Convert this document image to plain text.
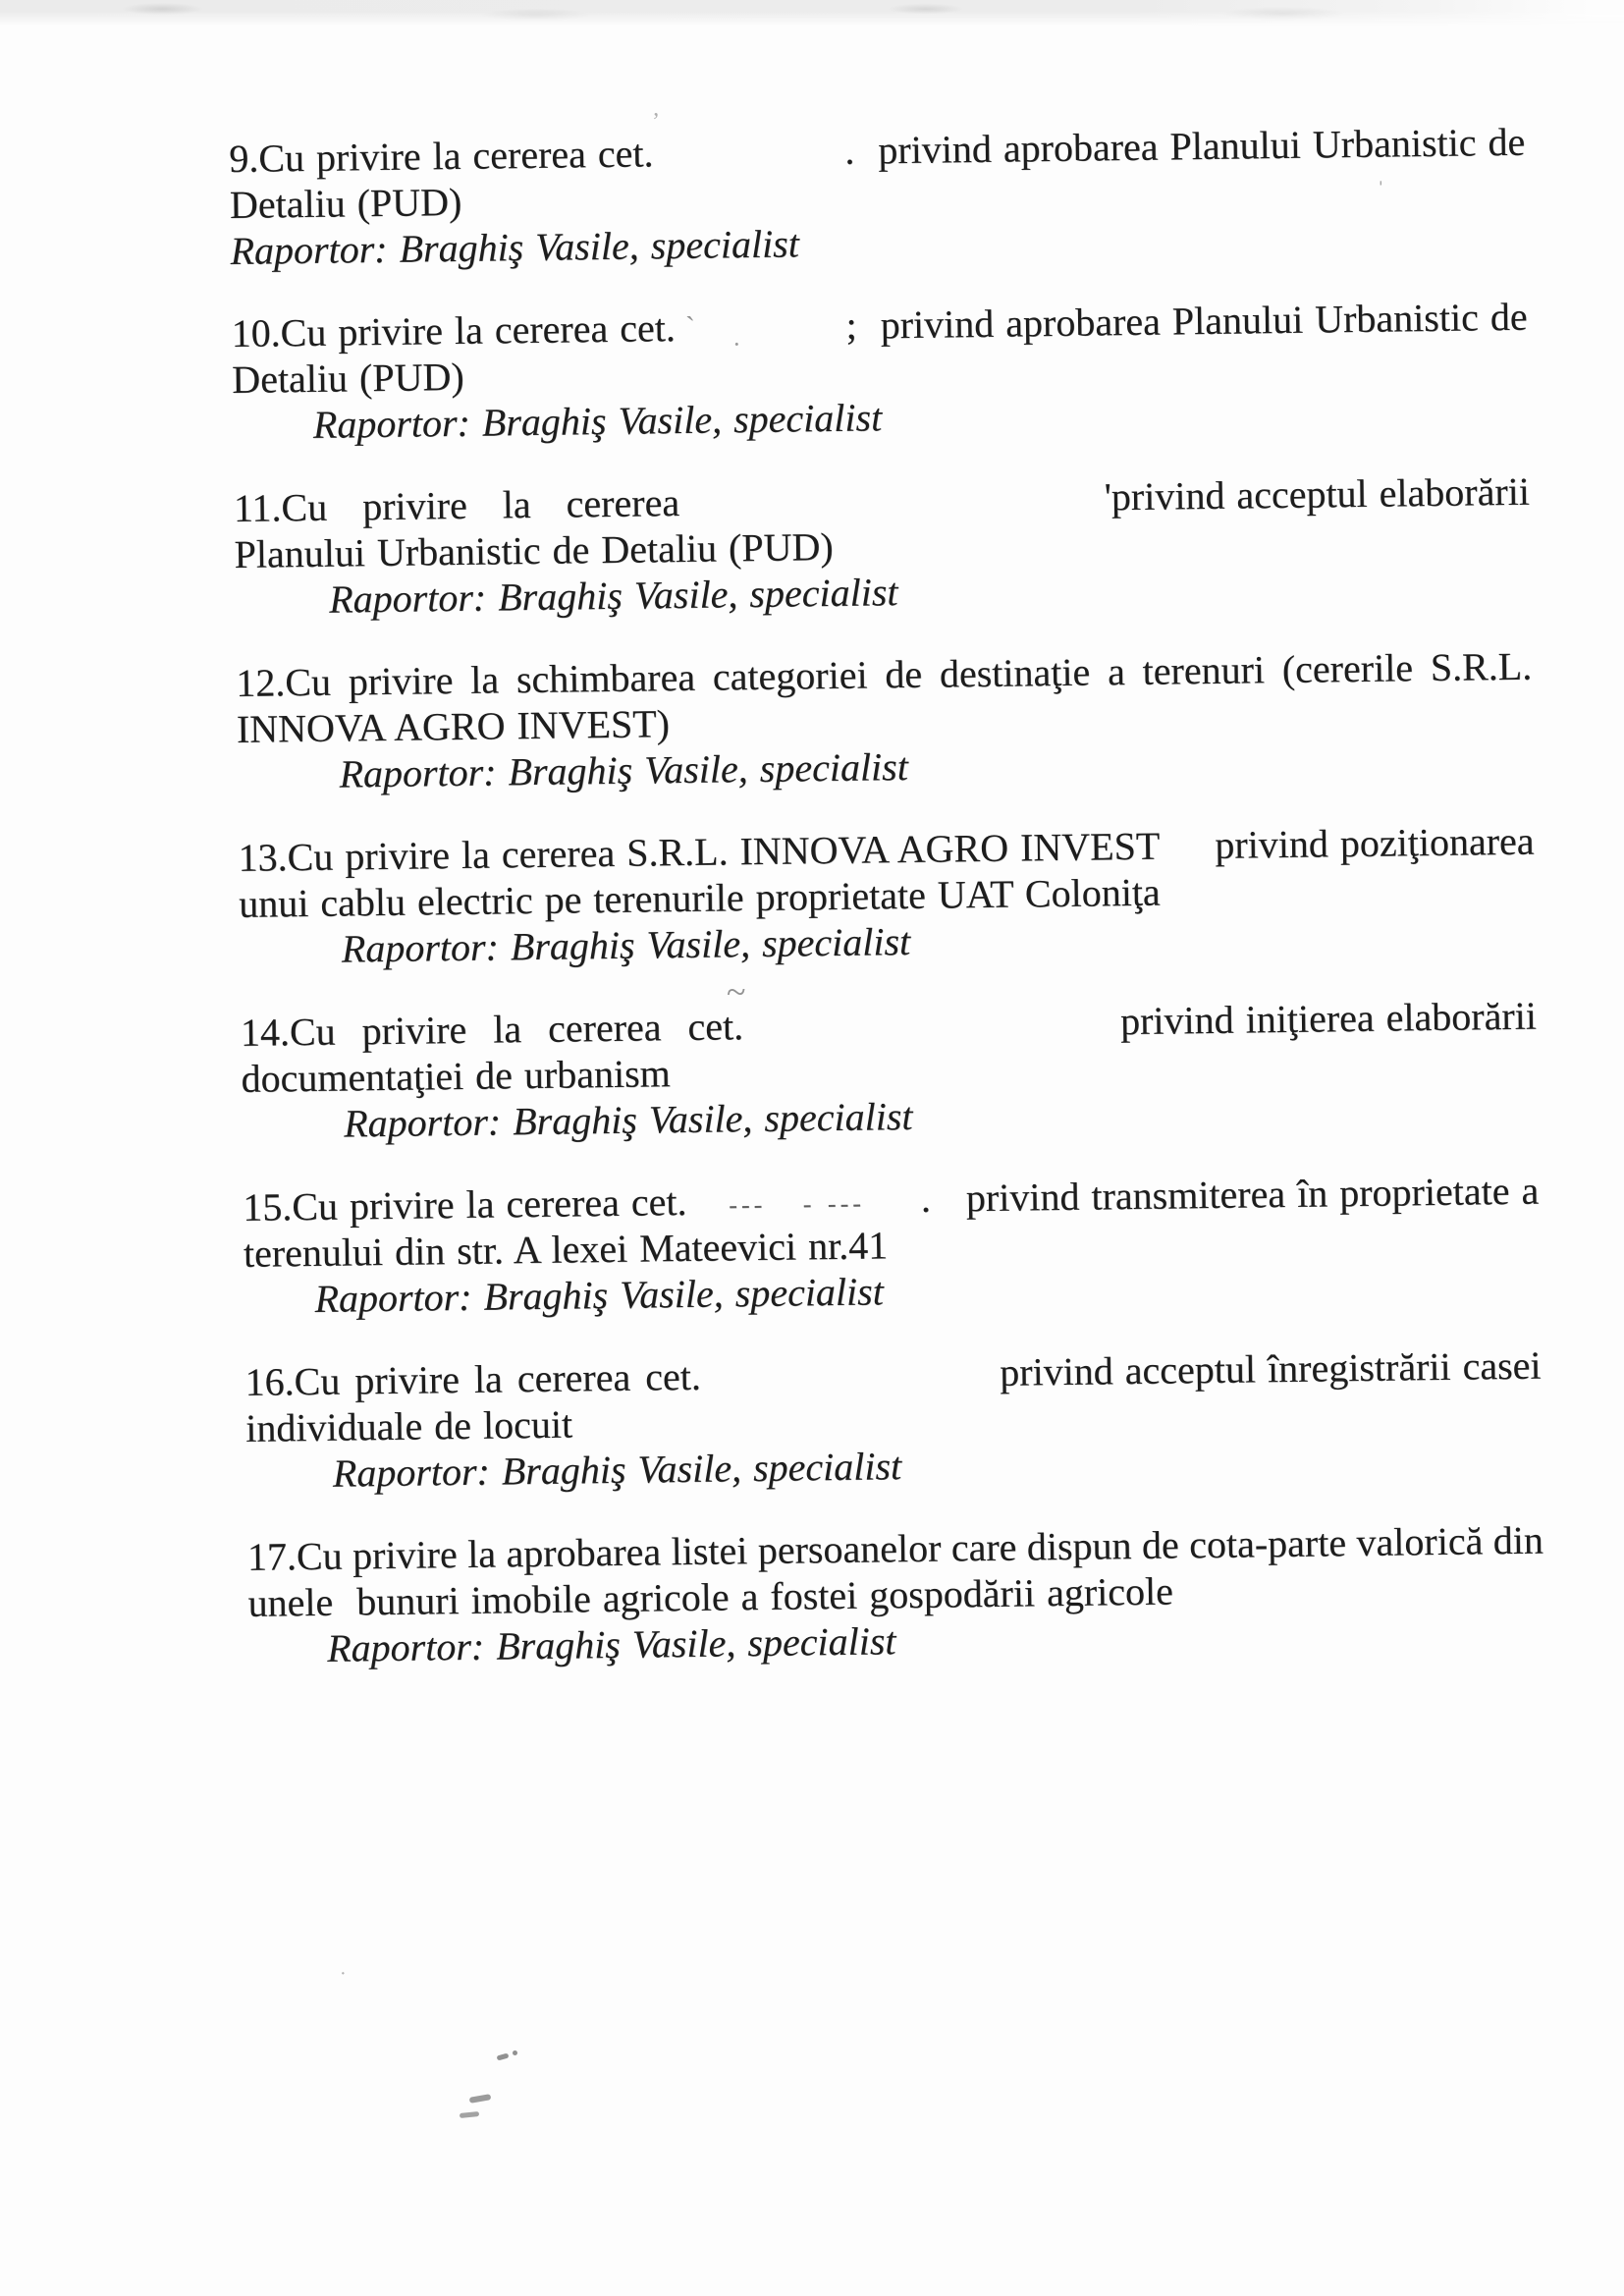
9.Cu privire la cererea cet.	.  privind aprobarea Planului Urbanistic de
Detaliu (PUD)
Raportor: Braghiş Vasile, specialist
10.Cu privire la cererea cet.	;  privind aprobarea Planului Urbanistic de
Detaliu (PUD)
Raportor: Braghiş Vasile, specialist
11.Cu privire la cererea	'privind acceptul elaborării
Planului Urbanistic de Detaliu (PUD)
Raportor: Braghiş Vasile, specialist
12.Cu privire la schimbarea categoriei de destinaţie a terenuri (cererile S.R.L.
INNOVA AGRO INVEST)
Raportor: Braghiş Vasile, specialist
13.Cu privire la cererea S.R.L. INNOVA AGRO INVEST privind poziţionarea
unui cablu electric pe terenurile proprietate UAT Coloniţa
Raportor: Braghiş Vasile, specialist
14.Cu privire la cererea cet.	privind iniţierea elaborării
documentaţiei de urbanism
Raportor: Braghiş Vasile, specialist
15.Cu privire la cererea cet. ---   - --- .   privind transmiterea în proprietate a
terenului din str. A lexei Mateevici nr.41
Raportor: Braghiş Vasile, specialist
16.Cu privire la cererea cet.	privind acceptul înregistrării casei
individuale de locuit
Raportor: Braghiş Vasile, specialist
17.Cu privire la aprobarea listei persoanelor care dispun de cota-parte valorică din
unele  bunuri imobile agricole a fostei gospodării agricole
Raportor: Braghiş Vasile, specialist
ʼ
ˈ
ˏ
·
~
·
